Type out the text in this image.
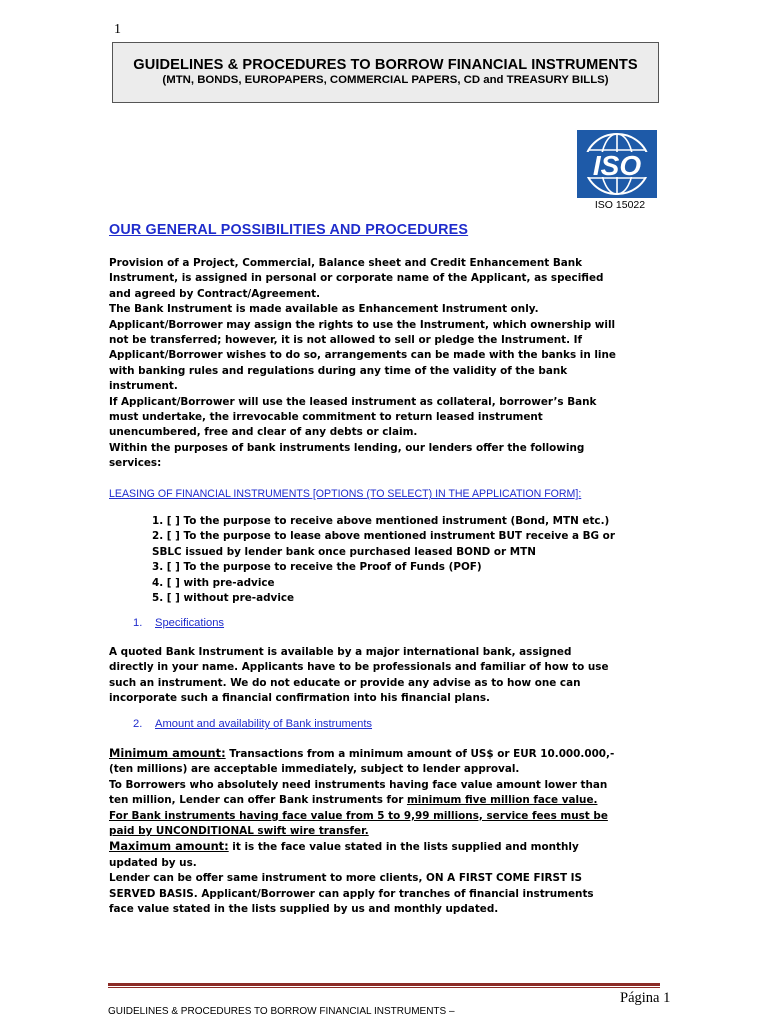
1
GUIDELINES & PROCEDURES TO BORROW FINANCIAL INSTRUMENTS
(MTN, BONDS, EUROPAPERS, COMMERCIAL PAPERS, CD and TREASURY BILLS)
ISO
ISO 15022
OUR GENERAL POSSIBILITIES AND PROCEDURES
Provision of a Project, Commercial, Balance sheet and Credit Enhancement Bank
Instrument, is assigned in personal or corporate name of the Applicant, as specified
and agreed by Contract/Agreement.
The Bank Instrument is made available as Enhancement Instrument only.
Applicant/Borrower may assign the rights to use the Instrument, which ownership will
not be transferred; however, it is not allowed to sell or pledge the Instrument. If
Applicant/Borrower wishes to do so, arrangements can be made with the banks in line
with banking rules and regulations during any time of the validity of the bank
instrument.
If Applicant/Borrower will use the leased instrument as collateral, borrower’s Bank
must undertake, the irrevocable commitment to return leased instrument
unencumbered, free and clear of any debts or claim.
Within the purposes of bank instruments lending, our lenders offer the following
services:
LEASING OF FINANCIAL INSTRUMENTS [OPTIONS (TO SELECT) IN THE APPLICATION FORM]:
1. [ ] To the purpose to receive above mentioned instrument (Bond, MTN etc.)
2. [ ] To the purpose to lease above mentioned instrument BUT receive a BG or
SBLC issued by lender bank once purchased leased BOND or MTN
3. [ ] To the purpose to receive the Proof of Funds (POF)
4. [ ] with pre-advice
5. [ ] without pre-advice
1. Specifications
A quoted Bank Instrument is available by a major international bank, assigned
directly in your name. Applicants have to be professionals and familiar of how to use
such an instrument. We do not educate or provide any advise as to how one can
incorporate such a financial confirmation into his financial plans.
2. Amount and availability of Bank instruments
Minimum amount: Transactions from a minimum amount of US$ or EUR 10.000.000,-
(ten millions) are acceptable immediately, subject to lender approval.
To Borrowers who absolutely need instruments having face value amount lower than
ten million, Lender can offer Bank instruments for minimum five million face value.
For Bank instruments having face value from 5 to 9,99 millions, service fees must be
paid by UNCONDITIONAL swift wire transfer.
Maximum amount: it is the face value stated in the lists supplied and monthly
updated by us.
Lender can be offer same instrument to more clients, ON A FIRST COME FIRST IS
SERVED BASIS. Applicant/Borrower can apply for tranches of financial instruments
face value stated in the lists supplied by us and monthly updated.
GUIDELINES & PROCEDURES TO BORROW FINANCIAL INSTRUMENTS –
Página 1
